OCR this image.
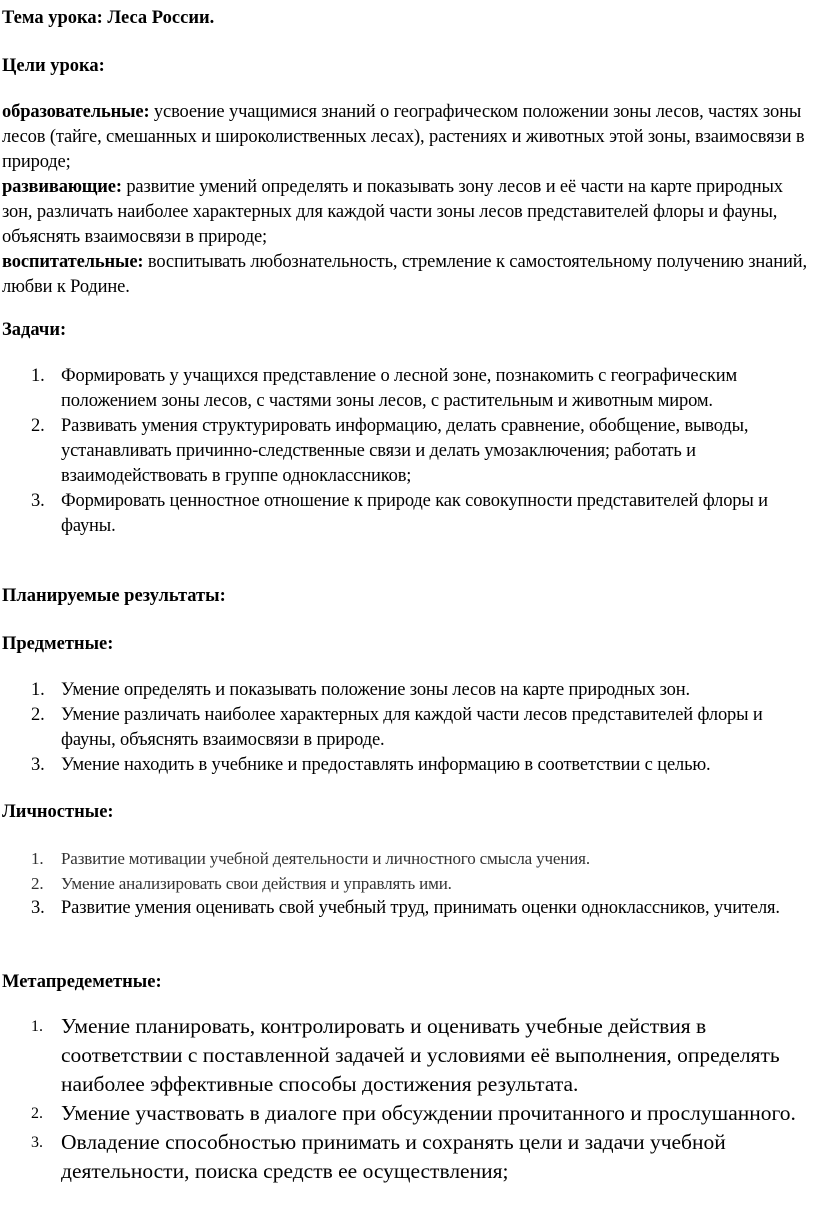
Тема урока: Леса России.

Цели урока:

образовательные: усвоение учащимися знаний о географическом положении зоны лесов, частях зоны лесов (тайге, смешанных и широколиственных лесах), растениях и животных этой зоны, взаимосвязи в природе;

развивающие: развитие умений определять и показывать зону лесов и её части на карте природных зон, различать наиболее характерных для каждой части зоны лесов представителей флоры и фауны, объяснять взаимосвязи в природе;

воспитательные: воспитывать любознательность, стремление к самостоятельному получению знаний, любви к Родине.

Задачи:

1. Формировать у учащихся представление о лесной зоне, познакомить с географическим положением зоны лесов, с частями зоны лесов, с растительным и животным миром.
2. Развивать умения структурировать информацию, делать сравнение, обобщение, выводы, устанавливать причинно-следственные связи и делать умозаключения; работать и взаимодействовать в группе одноклассников;
3. Формировать ценностное отношение к природе как совокупности представителей флоры и фауны.

Планируемые результаты:

Предметные:

1. Умение определять и показывать положение зоны лесов на карте природных зон.
2. Умение различать наиболее характерных для каждой части лесов представителей флоры и фауны, объяснять взаимосвязи в природе.
3. Умение находить в учебнике и предоставлять информацию в соответствии с целью.

Личностные:

1. Развитие мотивации учебной деятельности и личностного смысла учения.
2. Умение анализировать свои действия и управлять ими.
3. Развитие умения оценивать свой учебный труд, принимать оценки одноклассников, учителя.

Метапредеметные:

1. Умение планировать, контролировать и оценивать учебные действия в соответствии с поставленной задачей и условиями её выполнения, определять наиболее эффективные способы достижения результата.
2. Умение участвовать в диалоге при обсуждении прочитанного и прослушанного.
3. Овладение способностью принимать и сохранять цели и задачи учебной деятельности, поиска средств ее осуществления;
